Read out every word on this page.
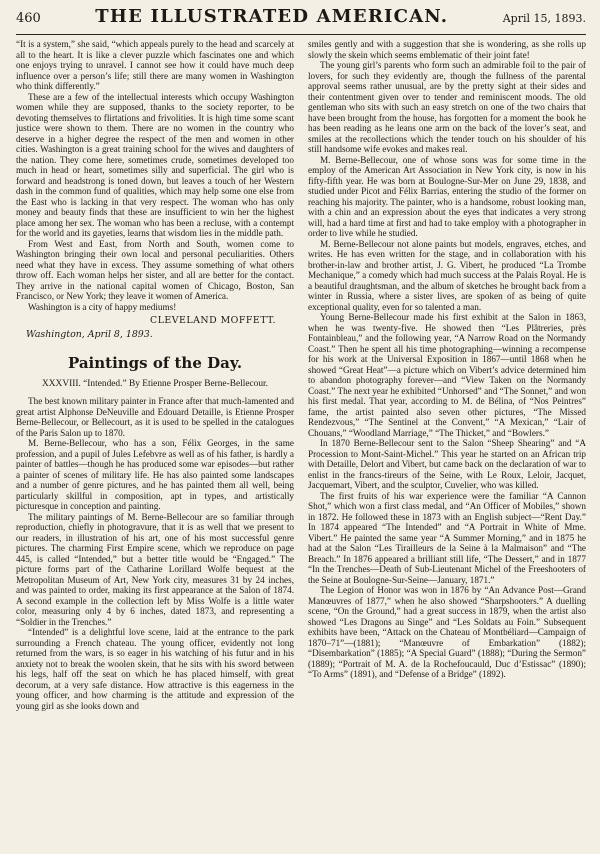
460	THE ILLUSTRATED AMERICAN.	April 15, 1893.

“It is a system,” she said, “which appeals purely to the head and scarcely at all to the heart. It is like a clever puzzle which fascinates one and which one enjoys trying to unravel. I cannot see how it could have much deep influence over a person’s life; still there are many women in Washington who think differently.”

These are a few of the intellectual interests which occupy Washington women while they are supposed, thanks to the society reporter, to be devoting themselves to flirtations and frivolities. It is high time some scant justice were shown to them. There are no women in the country who deserve in a higher degree the respect of the men and women in other cities. Washington is a great training school for the wives and daughters of the nation. They come here, sometimes crude, sometimes developed too much in head or heart, sometimes silly and superficial. The girl who is forward and headstrong is toned down, but leaves a touch of her Western dash in the common fund of qualities, which may help some one else from the East who is lacking in that very respect. The woman who has only money and beauty finds that these are insufficient to win her the highest place among her sex. The woman who has been a recluse, with a contempt for the world and its gayeties, learns that wisdom lies in the middle path.

From West and East, from North and South, women come to Washington bringing their own local and personal peculiarities. Others need what they have in excess. They assume something of what others throw off. Each woman helps her sister, and all are better for the contact. They arrive in the national capital women of Chicago, Boston, San Francisco, or New York; they leave it women of America.

Washington is a city of happy mediums!

CLEVELAND MOFFETT.
Washington, April 8, 1893.
Paintings of the Day.
XXXVIII. “Intended.” By Etienne Prosper Berne-Bellecour.

The best known military painter in France after that much-lamented and great artist Alphonse DeNeuville and Edouard Detaille, is Etienne Prosper Berne-Bellecour, or Bellecourt, as it is used to be spelled in the catalogues of the Paris Salon up to 1870.

M. Berne-Bellecour, who has a son, Félix Georges, in the same profession, and a pupil of Jules Lefebvre as well as of his father, is hardly a painter of battles—though he has produced some war episodes—but rather a painter of scenes of military life. He has also painted some landscapes and a number of genre pictures, and he has painted them all well, being particularly skillful in composition, apt in types, and artistically picturesque in conception and painting.

The military paintings of M. Berne-Bellecour are so familiar through reproduction, chiefly in photogravure, that it is as well that we present to our readers, in illustration of his art, one of his most successful genre pictures. The charming First Empire scene, which we reproduce on page 445, is called “Intended,” but a better title would be “Engaged.” The picture forms part of the Catharine Lorillard Wolfe bequest at the Metropolitan Museum of Art, New York city, measures 31 by 24 inches, and was painted to order, making its first appearance at the Salon of 1874. A second example in the collection left by Miss Wolfe is a little water color, measuring only 4 by 6 inches, dated 1873, and representing a “Soldier in the Trenches.”

“Intended” is a delightful love scene, laid at the entrance to the park surrounding a French chateau. The young officer, evidently not long returned from the wars, is so eager in his watching of his futur and in his anxiety not to break the woolen skein, that he sits with his sword between his legs, half off the seat on which he has placed himself, with great decorum, at a very safe distance. How attractive is this eagerness in the young officer, and how charming is the attitude and expression of the young girl as she looks down and

smiles gently and with a suggestion that she is wondering, as she rolls up slowly the skein which seems emblematic of their joint fate!

The young girl’s parents who form such an admirable foil to the pair of lovers, for such they evidently are, though the fullness of the parental approval seems rather unusual, are by the pretty sight at their sides and their contentment given over to tender and reminiscent moods. The old gentleman who sits with such an easy stretch on one of the two chairs that have been brought from the house, has forgotten for a moment the book he has been reading as he leans one arm on the back of the lover’s seat, and smiles at the recollections which the tender touch on his shoulder of his still handsome wife evokes and makes real.

M. Berne-Bellecour, one of whose sons was for some time in the employ of the American Art Association in New York city, is now in his fifty-fifth year. He was born at Boulogne-Sur-Mer on June 29, 1838, and studied under Picot and Félix Barrias, entering the studio of the former on reaching his majority. The painter, who is a handsome, robust looking man, with a chin and an expression about the eyes that indicates a very strong will, had a hard time at first and had to take employ with a photographer in order to live while he studied.

M. Berne-Bellecour not alone paints but models, engraves, etches, and writes. He has even written for the stage, and in collaboration with his brother-in-law and brother artist, J. G. Vibert, he produced “La Trombe Mechanique,” a comedy which had much success at the Palais Royal. He is a beautiful draughtsman, and the album of sketches he brought back from a winter in Russia, where a sister lives, are spoken of as being of quite exceptional quality, even for so talented a man.

Young Berne-Bellecour made his first exhibit at the Salon in 1863, when he was twenty-five. He showed then “Les Plâtreries, près Fontainbleau,” and the following year, “A Narrow Road on the Normandy Coast.” Then he spent all his time photographing—winning a recompense for his work at the Universal Exposition in 1867—until 1868 when he showed “Great Heat”—a picture which on Vibert’s advice determined him to abandon photography forever—and “View Taken on the Normandy Coast.” The next year he exhibited “Unhorsed” and “The Sonnet,” and won his first medal. That year, according to M. de Bélina, of “Nos Peintres” fame, the artist painted also seven other pictures, “The Missed Rendezvous,” “The Sentinel at the Convent,” “A Mexican,” “Lair of Chouans,” “Woodland Marriage,” “The Thicket,” and “Bowlers.”

In 1870 Berne-Bellecour sent to the Salon “Sheep Shearing” and “A Procession to Mont-Saint-Michel.” This year he started on an African trip with Detaille, Delort and Vibert, but came back on the declaration of war to enlist in the francs-tireurs of the Seine, with Le Roux, Leloir, Jacquet, Jacquemart, Vibert, and the sculptor, Cuvelier, who was killed.

The first fruits of his war experience were the familiar “A Cannon Shot,” which won a first class medal, and “An Officer of Mobiles,” shown in 1872. He followed these in 1873 with an English subject—“Rent Day.” In 1874 appeared “The Intended” and “A Portrait in White of Mme. Vibert.” He painted the same year “A Summer Morning,” and in 1875 he had at the Salon “Les Tirailleurs de la Seine à la Malmaison” and “The Breach.” In 1876 appeared a brilliant still life, “The Dessert,” and in 1877 “In the Trenches—Death of Sub-Lieutenant Michel of the Freeshooters of the Seine at Boulogne-Sur-Seine—January, 1871.”

The Legion of Honor was won in 1876 by “An Advance Post—Grand Manœuvres of 1877,” when he also showed “Sharpshooters.” A duelling scene, “On the Ground,” had a great success in 1879, when the artist also showed “Les Dragons au Singe” and “Les Soldats au Foin.” Subsequent exhibits have been, “Attack on the Chateau of Montbéliard—Campaign of 1870–71”—(1881); “Manœuvre of Embarkation” (1882); “Disembarkation” (1885); “A Special Guard” (1888); “During the Sermon” (1889); “Portrait of M. A. de la Rochefoucauld, Duc d’Estissac” (1890); “To Arms” (1891), and “Defense of a Bridge” (1892).
